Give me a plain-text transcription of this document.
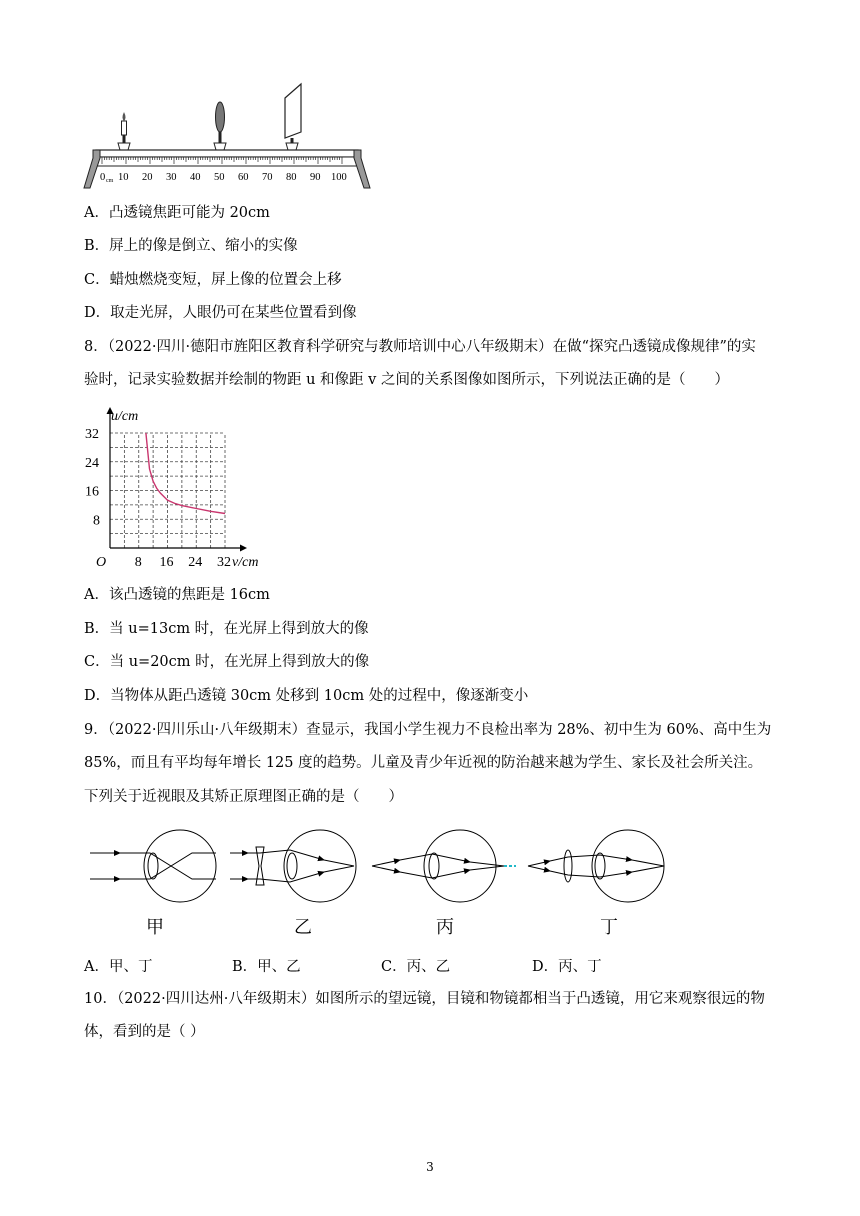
0 cm 10 20 30 40 50 60 70 80 90 100
A．凸透镜焦距可能为 20cm
B．屏上的像是倒立、缩小的实像
C．蜡烛燃烧变短，屏上像的位置会上移
D．取走光屏，人眼仍可在某些位置看到像
8．（2022·四川·德阳市旌阳区教育科学研究与教师培训中心八年级期末）在做“探究凸透镜成像规律”的实
验时，记录实验数据并绘制的物距 u 和像距 v 之间的关系图像如图所示，下列说法正确的是（　　）
8 16 24 32
8
16
24
32
u/cm
v/cm
O
A．该凸透镜的焦距是 16cm
B．当 u=13cm 时，在光屏上得到放大的像
C．当 u=20cm 时，在光屏上得到放大的像
D．当物体从距凸透镜 30cm 处移到 10cm 处的过程中，像逐渐变小
9．（2022·四川乐山·八年级期末）查显示，我国小学生视力不良检出率为 28%、初中生为 60%、高中生为
85%，而且有平均每年增长 125 度的趋势。儿童及青少年近视的防治越来越为学生、家长及社会所关注。
下列关于近视眼及其矫正原理图正确的是（　　）
甲	乙	丙	丁
A．甲、丁	B．甲、乙	C．丙、乙	D．丙、丁
10．（2022·四川达州·八年级期末）如图所示的望远镜，目镜和物镜都相当于凸透镜，用它来观察很远的物
体，看到的是（ ）
3
